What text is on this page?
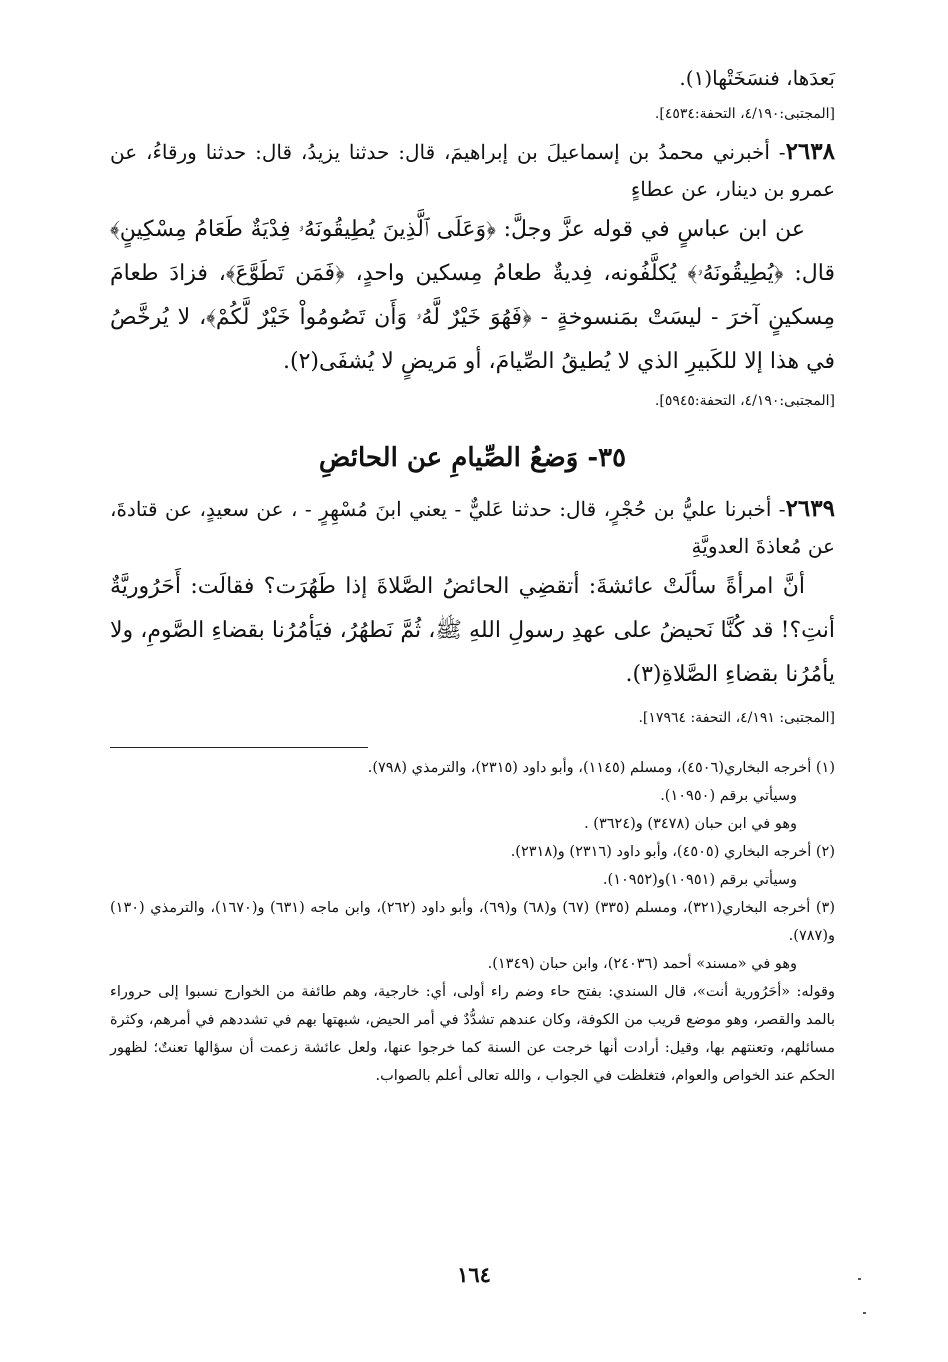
بَعدَها، فنسَخَتْها(١).

[المجتبى:٤/١٩٠، التحفة:٤٥٣٤].

٢٦٣٨- أخبرني محمدُ بن إسماعيلَ بن إبراهيمَ، قال: حدثنا يزيدُ، قال: حدثنا ورقاءُ، عن عمرو بن دينار، عن عطاءٍ

عن ابن عباسٍ في قوله عزَّ وجلَّ: ﴿وَعَلَى ٱلَّذِينَ يُطِيقُونَهُۥ فِدْيَةٌ طَعَامُ مِسْكِينٍ﴾ قال: ﴿يُطِيقُونَهُۥ﴾ يُكلَّفُونه، فِديةٌ طعامُ مِسكين واحدٍ، ﴿فَمَن تَطَوَّعَ﴾، فزادَ طعامَ مِسكينٍ آخرَ - ليسَتْ بمَنسوخةٍ - ﴿فَهُوَ خَيْرٌ لَّهُۥ وَأَن تَصُومُواْ خَيْرٌ لَّكُمْ﴾، لا يُرخَّصُ في هذا إلا للكَبيرِ الذي لا يُطيقُ الصِّيامَ، أو مَريضٍ لا يُشفَى(٢).

[المجتبى:٤/١٩٠، التحفة:٥٩٤٥].

٣٥- وَضعُ الصِّيامِ عن الحائضِ

٢٦٣٩- أخبرنا عليُّ بن حُجْرٍ، قال: حدثنا عَليٌّ - يعني ابنَ مُسْهِرٍ - ، عن سعيدٍ، عن قتادةَ، عن مُعاذةَ العدويَّةِ

أنَّ امرأةً سألَتْ عائشةَ: أتقضِي الحائضُ الصَّلاةَ إذا طَهُرَت؟ فقالَت: أَحَرُوريَّةٌ أنتِ؟! قد كُنَّا نَحيضُ على عهدِ رسولِ اللهِ ﷺ، ثُمَّ نَطهُرُ، فيَأمُرُنا بقضاءِ الصَّومِ، ولا يأمُرُنا بقضاءِ الصَّلاةِ(٣).

[المجتبى: ٤/١٩١، التحفة: ١٧٩٦٤].

(١) أخرجه البخاري(٤٥٠٦)، ومسلم (١١٤٥)، وأبو داود (٢٣١٥)، والترمذي (٧٩٨).

وسيأتي برقم (١٠٩٥٠).

وهو في ابن حبان (٣٤٧٨) و(٣٦٢٤) .

(٢) أخرجه البخاري (٤٥٠٥)، وأبو داود (٢٣١٦) و(٢٣١٨).

وسيأتي برقم (١٠٩٥١)و(١٠٩٥٢).

(٣) أخرجه البخاري(٣٢١)، ومسلم (٣٣٥) (٦٧) و(٦٨) و(٦٩)، وأبو داود (٢٦٢)، وابن ماجه (٦٣١) و(١٦٧٠)، والترمذي (١٣٠) و(٧٨٧).

وهو في «مسند» أحمد (٢٤٠٣٦)، وابن حبان (١٣٤٩).

وقوله: «أحَرُورية أنت»، قال السندي: بفتح حاء وضم راء أولى، أي: خارجية، وهم طائفة من الخوارج نسبوا إلى حروراء بالمد والقصر، وهو موضع قريب من الكوفة، وكان عندهم تشدُّدٌ في أمر الحيض، شبهتها بهم في تشددهم في أمرهم، وكثرة مسائلهم، وتعنتهم بها، وقيل: أرادت أنها خرجت عن السنة كما خرجوا عنها، ولعل عائشة زعمت أن سؤالها تعنتٌ؛ لظهور الحكم عند الخواص والعوام، فتغلظت في الجواب ، والله تعالى أعلم بالصواب.

١٦٤
